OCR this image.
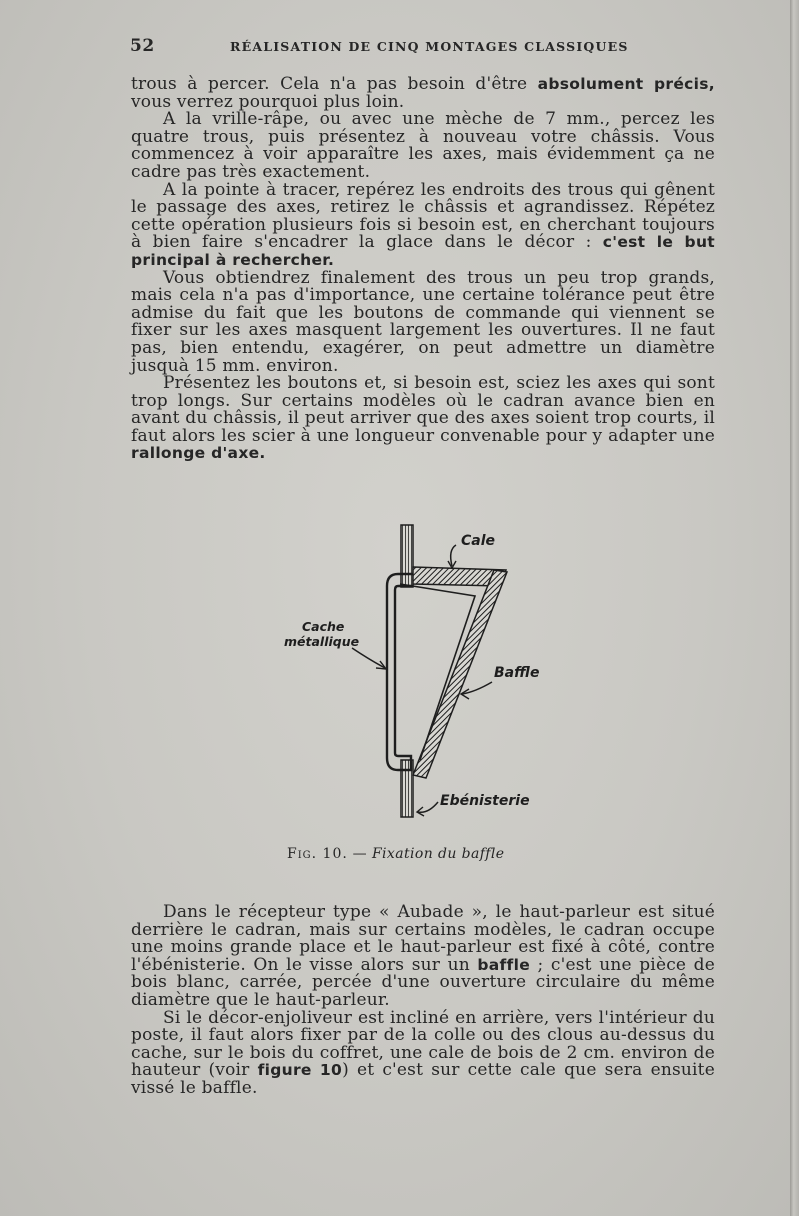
52	RÉALISATION DE CINQ MONTAGES CLASSIQUES

trous à percer. Cela n'a pas besoin d'être absolument précis, vous verrez pourquoi plus loin.

A la vrille-râpe, ou avec une mèche de 7 mm., percez les quatre trous, puis présentez à nouveau votre châssis. Vous commencez à voir apparaître les axes, mais évidemment ça ne cadre pas très exactement.

A la pointe à tracer, repérez les endroits des trous qui gênent le passage des axes, retirez le châssis et agrandissez. Répétez cette opération plusieurs fois si besoin est, en cherchant toujours à bien faire s'encadrer la glace dans le décor : c'est le but principal à rechercher.

Vous obtiendrez finalement des trous un peu trop grands, mais cela n'a pas d'importance, une certaine tolérance peut être admise du fait que les boutons de commande qui viennent se fixer sur les axes masquent largement les ouvertures. Il ne faut pas, bien entendu, exagérer, on peut admettre un diamètre jusquà 15 mm. environ.

Présentez les boutons et, si besoin est, sciez les axes qui sont trop longs. Sur certains modèles où le cadran avance bien en avant du châssis, il peut arriver que des axes soient trop courts, il faut alors les scier à une longueur convenable pour y adapter une rallonge d'axe.

Cale
Cache
métallique
Baffle
Ebénisterie
Fig. 10. — Fixation du baffle

Dans le récepteur type « Aubade », le haut-parleur est situé derrière le cadran, mais sur certains modèles, le cadran occupe une moins grande place et le haut-parleur est fixé à côté, contre l'ébénisterie. On le visse alors sur un baffle ; c'est une pièce de bois blanc, carrée, percée d'une ouverture circulaire du même diamètre que le haut-parleur.

Si le décor-enjoliveur est incliné en arrière, vers l'intérieur du poste, il faut alors fixer par de la colle ou des clous au-dessus du cache, sur le bois du coffret, une cale de bois de 2 cm. environ de hauteur (voir figure 10) et c'est sur cette cale que sera ensuite vissé le baffle.
